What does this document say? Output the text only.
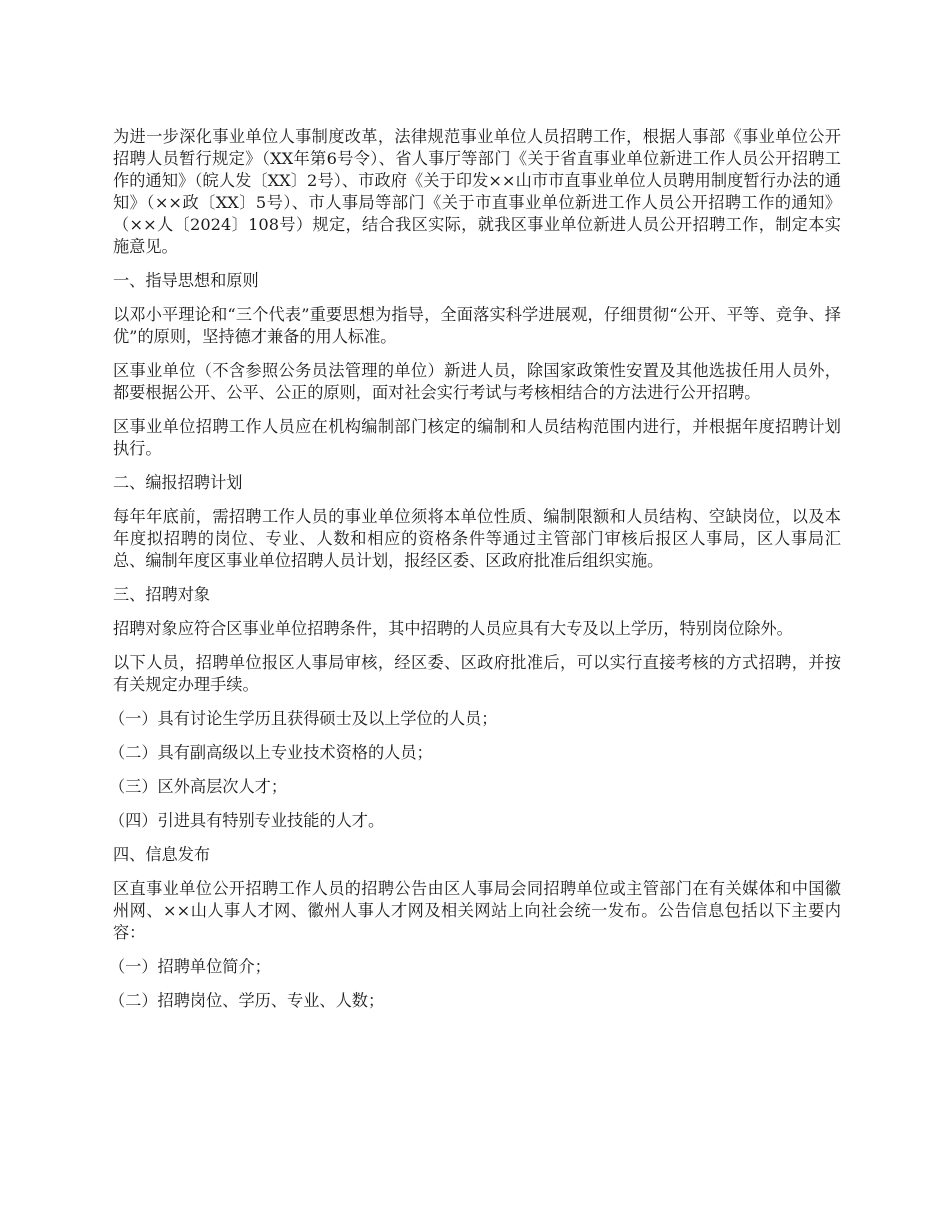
为进一步深化事业单位人事制度改革，法律规范事业单位人员招聘工作，根据人事部《事业单位公开招聘人员暂行规定》（XX年第6号令）、省人事厅等部门《关于省直事业单位新进工作人员公开招聘工作的通知》（皖人发〔XX〕2号）、市政府《关于印发××山市市直事业单位人员聘用制度暂行办法的通知》（××政〔XX〕5号）、市人事局等部门《关于市直事业单位新进工作人员公开招聘工作的通知》（××人〔2024〕108号）规定，结合我区实际，就我区事业单位新进人员公开招聘工作，制定本实施意见。

一、指导思想和原则

以邓小平理论和“三个代表”重要思想为指导，全面落实科学进展观，仔细贯彻“公开、平等、竞争、择优”的原则，坚持德才兼备的用人标准。

区事业单位（不含参照公务员法管理的单位）新进人员，除国家政策性安置及其他选拔任用人员外，都要根据公开、公平、公正的原则，面对社会实行考试与考核相结合的方法进行公开招聘。

区事业单位招聘工作人员应在机构编制部门核定的编制和人员结构范围内进行，并根据年度招聘计划执行。

二、编报招聘计划

每年年底前，需招聘工作人员的事业单位须将本单位性质、编制限额和人员结构、空缺岗位，以及本年度拟招聘的岗位、专业、人数和相应的资格条件等通过主管部门审核后报区人事局，区人事局汇总、编制年度区事业单位招聘人员计划，报经区委、区政府批准后组织实施。

三、招聘对象

招聘对象应符合区事业单位招聘条件，其中招聘的人员应具有大专及以上学历，特别岗位除外。

以下人员，招聘单位报区人事局审核，经区委、区政府批准后，可以实行直接考核的方式招聘，并按有关规定办理手续。

（一）具有讨论生学历且获得硕士及以上学位的人员；

（二）具有副高级以上专业技术资格的人员；

（三）区外高层次人才；

（四）引进具有特别专业技能的人才。

四、信息发布

区直事业单位公开招聘工作人员的招聘公告由区人事局会同招聘单位或主管部门在有关媒体和中国徽州网、××山人事人才网、徽州人事人才网及相关网站上向社会统一发布。公告信息包括以下主要内容：

（一）招聘单位简介；

（二）招聘岗位、学历、专业、人数；
